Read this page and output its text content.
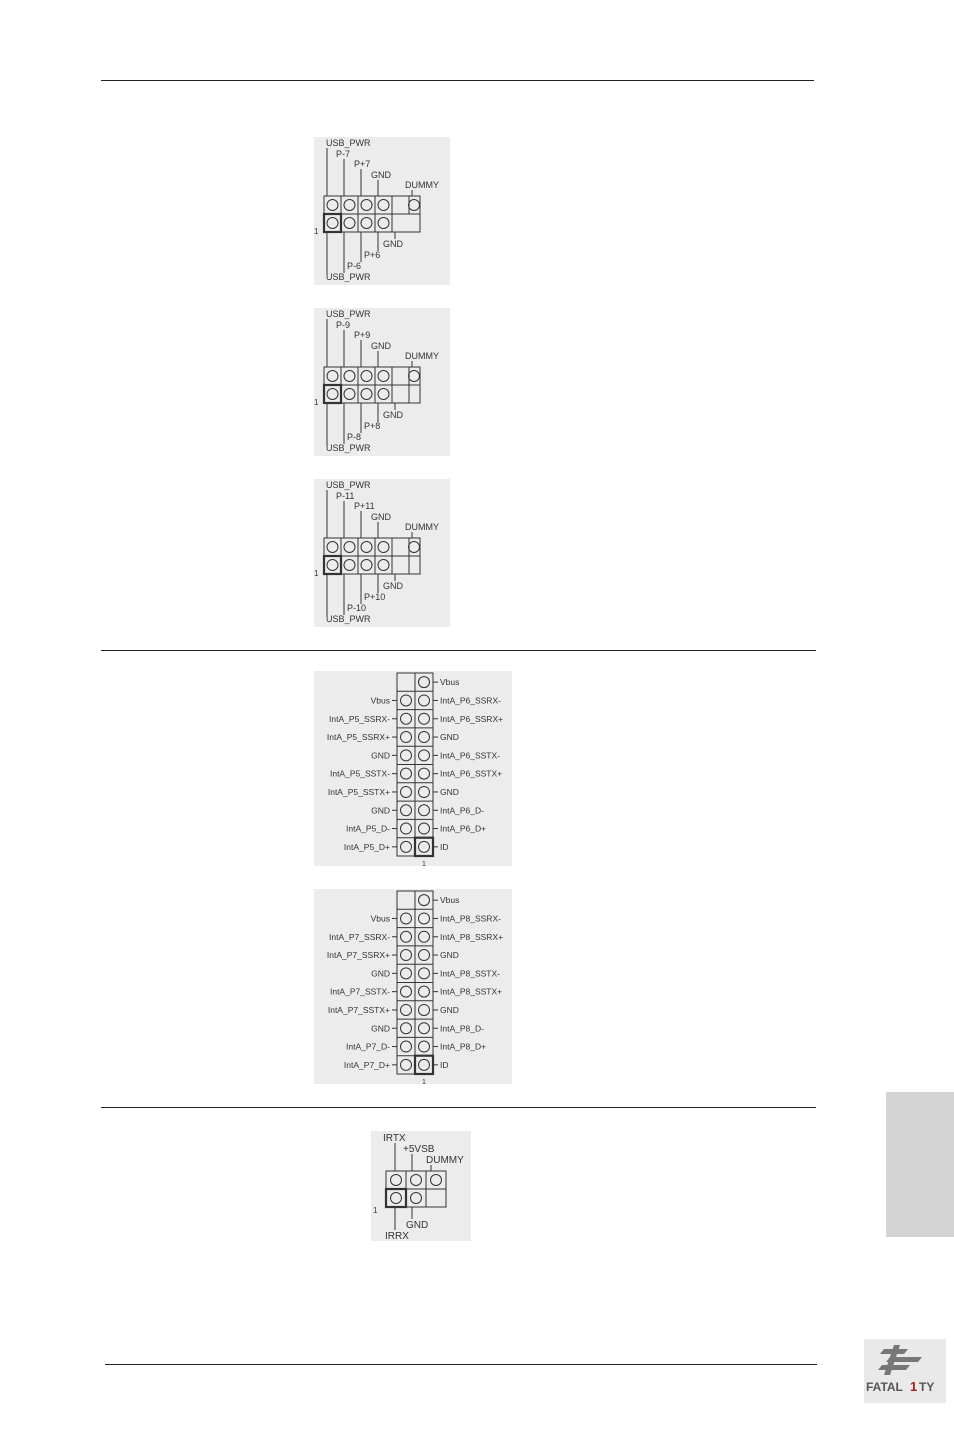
USB_PWR
P-7
P+7
GND
DUMMY
GND
P+6
P-6
USB_PWR
1
USB_PWR
P-9
P+9
GND
DUMMY
GND
P+8
P-8
USB_PWR
1
USB_PWR
P-11
P+11
GND
DUMMY
GND
P+10
P-10
USB_PWR
1
Vbus
IntA_P6_SSRX-
Vbus
IntA_P6_SSRX+
IntA_P5_SSRX-
GND
IntA_P5_SSRX+
IntA_P6_SSTX-
GND
IntA_P6_SSTX+
IntA_P5_SSTX-
GND
IntA_P5_SSTX+
IntA_P6_D-
GND
IntA_P6_D+
IntA_P5_D-
ID
IntA_P5_D+
1
Vbus
IntA_P8_SSRX-
Vbus
IntA_P8_SSRX+
IntA_P7_SSRX-
GND
IntA_P7_SSRX+
IntA_P8_SSTX-
GND
IntA_P8_SSTX+
IntA_P7_SSTX-
GND
IntA_P7_SSTX+
IntA_P8_D-
GND
IntA_P8_D+
IntA_P7_D-
ID
IntA_P7_D+
1
IRTX
+5VSB
DUMMY
GND
IRRX
1
FATAL 1 TY
